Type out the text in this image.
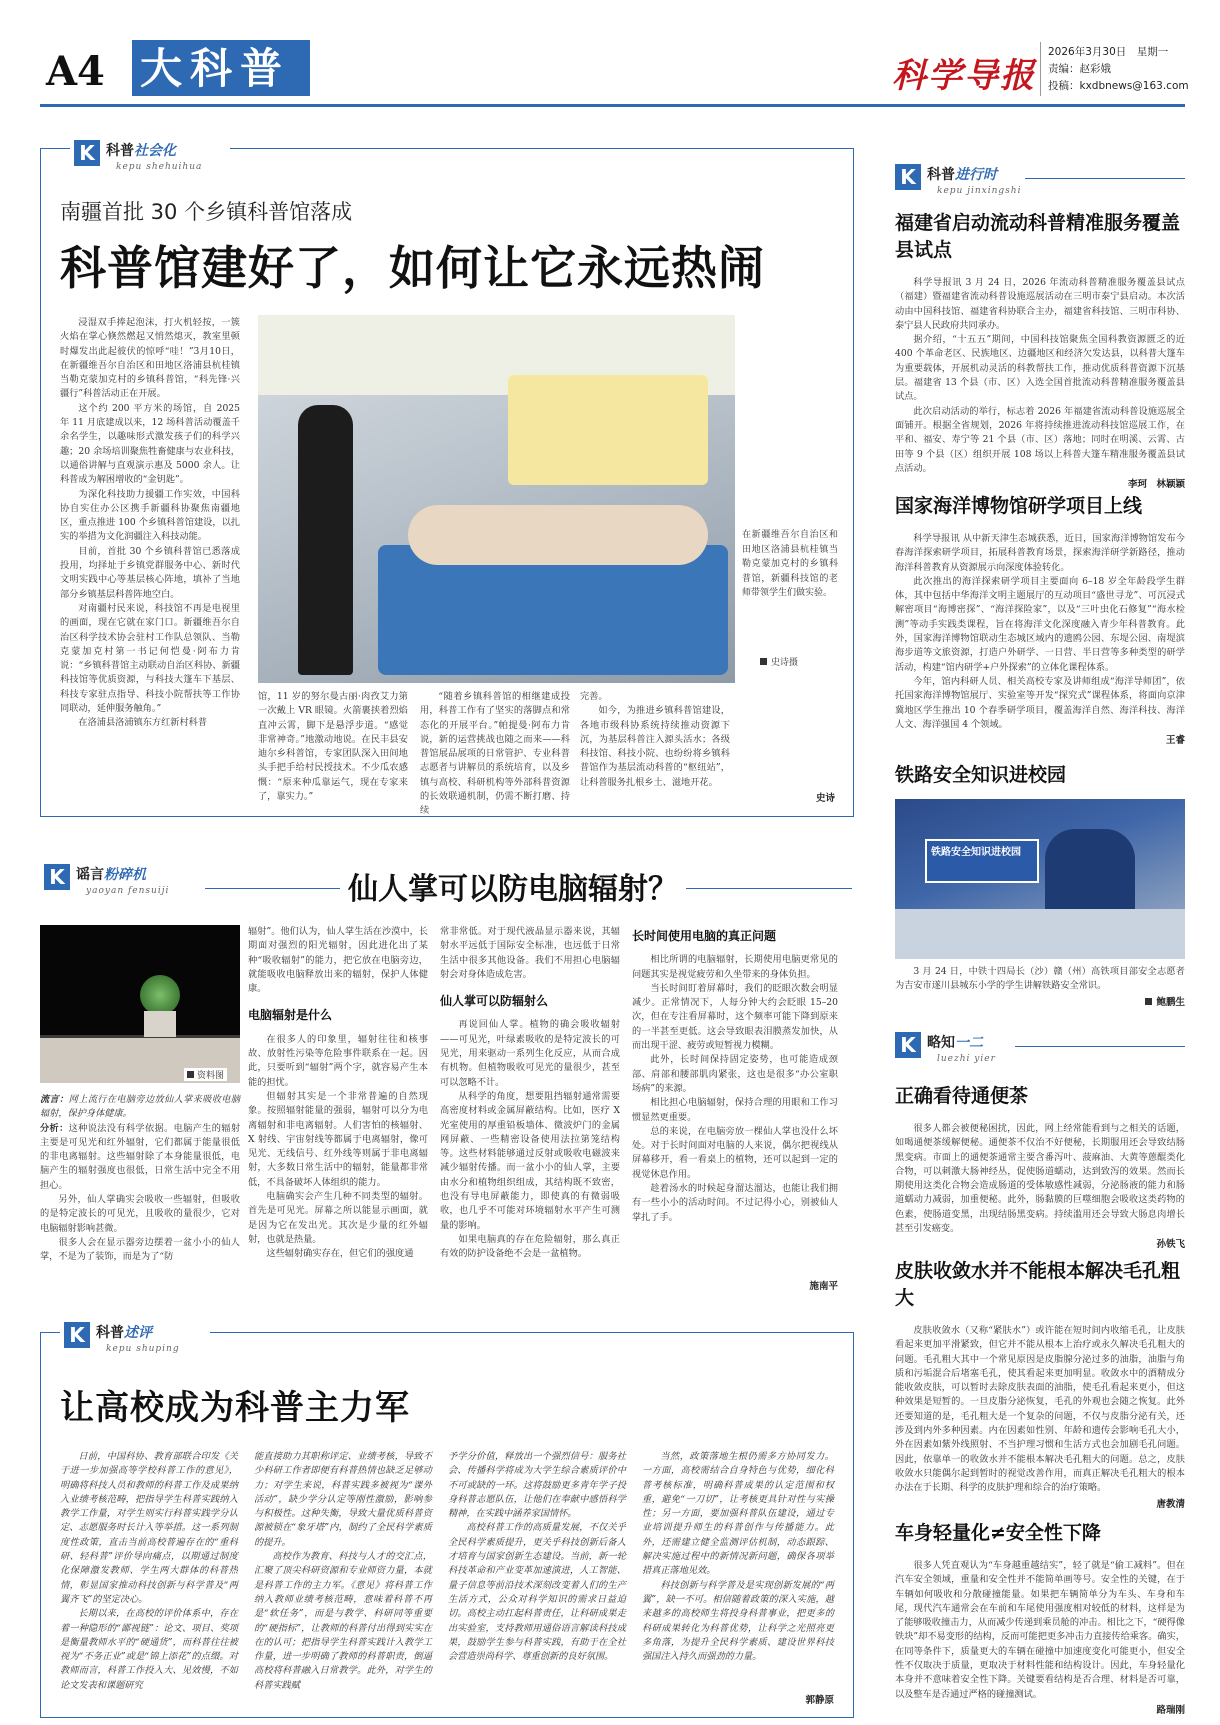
A4 大科普	科学导报
2026年3月30日　星期一
责编：赵彩娥
投稿：kxdbnews@163.com
K 科普社会化
kepu shehuihua
南疆首批 30 个乡镇科普馆落成
科普馆建好了，如何让它永远热闹

浸湿双手捧起泡沫，打火机轻按，一簇火焰在掌心倏然燃起又悄然熄灭，教室里顿时爆发出此起彼伏的惊呼“哇！”3月10日，在新疆维吾尔自治区和田地区洛浦县杭桂镇当勒克蒙加克村的乡镇科普馆，“科先锋·兴疆行”科普活动正在开展。

这个约 200 平方米的场馆，自 2025 年 11 月底建成以来，12 场科普活动覆盖千余名学生，以趣味形式激发孩子们的科学兴趣；20 余场培训聚焦牲畜健康与农业科技，以通俗讲解与直观演示惠及 5000 余人。让科普成为解困增收的“金钥匙”。

为深化科技助力援疆工作实效，中国科协自实住办公区携手新疆科协聚焦南疆地区，重点推进 100 个乡镇科普馆建设，以扎实的举措为文化润疆注入科技动能。

目前，首批 30 个乡镇科普馆已悉落成投用，均择址于乡镇党群服务中心、新时代文明实践中心等基层核心阵地，填补了当地部分乡镇基层科普阵地空白。

对南疆村民来说，科技馆不再是电视里的画面，现在它就在家门口。新疆维吾尔自治区科学技术协会驻村工作队总领队、当勒克蒙加克村第一书记何恺曼·阿布力肯说：“乡镇科普馆主动联动自治区科协、新疆科技馆等优质资源，与科技大篷车下基层、科技专家驻点指导、科技小院帮扶等工作协同联动，延伸服务触角。”

在洛浦县洛浦镇东方红新村科普

在新疆维吾尔自治区和田地区洛浦县杭桂镇当勒克蒙加克村的乡镇科普馆，新疆科技馆的老师带领学生们做实验。
史诗摄

馆，11 岁的努尔曼古丽·肉孜艾力第一次戴上 VR 眼镜。火箭裹挟着烈焰直冲云霄，脚下是悬浮步道。“感觉非常神奇。”地激动地说。在民丰县安迪尔乡科普馆，专家团队深入田间地头手把手给村民授技术。不少瓜农感慨：“原来种瓜靠运气，现在专家来了，靠实力。”

“随着乡镇科普馆的相继建成投用，科普工作有了坚实的落脚点和常态化的开展平台。”帕提曼·阿布力肯说，新的运营挑战也随之而来——科普馆展品展项的日常管护、专业科普志愿者与讲解员的系统培育，以及乡镇与高校、科研机构等外部科普资源的长效联通机制，仍需不断打磨、持续

完善。

如今，为推进乡镇科普馆建设，各地市级科协系统持续推动资源下沉，为基层科普注入源头活水；各级科技馆、科技小院、也纷纷将乡镇科普馆作为基层流动科普的“枢纽站”，让科普服务扎根乡土、滋地开花。

史诗
K 谣言粉碎机
yaoyan fensuiji	仙人掌可以防电脑辐射？
资料图

流言：网上流行在电脑旁边放仙人掌来吸收电脑辐射，保护身体健康。

分析：这种说法没有科学依据。电脑产生的辐射主要是可见光和红外辐射，它们都属于能量很低的非电离辐射。这些辐射除了本身能量很低，电脑产生的辐射强度也很低，日常生活中完全不用担心。

另外，仙人掌确实会吸收一些辐射，但吸收的是特定波长的可见光，且吸收的量很少，它对电脑辐射影响甚微。

很多人会在显示器旁边摆着一盆小小的仙人掌，不是为了装饰，而是为了“防

辐射”。他们认为，仙人掌生活在沙漠中，长期面对强烈的阳光辐射，因此进化出了某种“吸收辐射”的能力，把它放在电脑旁边，就能吸收电脑释放出来的辐射，保护人体健康。

电脑辐射是什么

在很多人的印象里，辐射往往和核事故、放射性污染等危险事件联系在一起。因此，只要听到“辐射”两个字，就容易产生本能的担忧。

但辐射其实是一个非常普遍的自然现象。按照辐射能量的强弱，辐射可以分为电离辐射和非电离辐射。人们害怕的核辐射、X 射线、宇宙射线等都属于电离辐射，像可见光、无线信号、红外线等则属于非电离辐射，大多数日常生活中的辐射，能量都非常低，不具备破坏人体组织的能力。

电脑确实会产生几种不同类型的辐射。首先是可见光。屏幕之所以能显示画面，就是因为它在发出光。其次是少量的红外辐射，也就是热量。

这些辐射确实存在，但它们的强度通

常非常低。对于现代液晶显示器来说，其辐射水平远低于国际安全标准，也远低于日常生活中很多其他设备。我们不用担心电脑辐射会对身体造成危害。

仙人掌可以防辐射么

再说回仙人掌。植物的确会吸收辐射——可见光，叶绿素吸收的是特定波长的可见光，用来驱动一系列生化反应，从而合成有机物。但植物吸收可见光的量很少，甚至可以忽略不计。

从科学的角度，想要阻挡辐射通常需要高密度材料或金属屏蔽结构。比如，医疗 X 光室使用的厚重铅板墙体、微波炉门的金属网屏蔽、一些精密设备使用法拉第笼结构等。这些材料能够通过反射或吸收电磁波来减少辐射传播。而一盆小小的仙人掌，主要由水分和植物组织组成，其结构既不致密，也没有导电屏蔽能力，即使真的有微弱吸收，也几乎不可能对环境辐射水平产生可测量的影响。

如果电脑真的存在危险辐射，那么真正有效的防护设备绝不会是一盆植物。

长时间使用电脑的真正问题

相比所谓的电脑辐射，长期使用电脑更常见的问题其实是视觉疲劳和久坐带来的身体负担。

当长时间盯着屏幕时，我们的眨眼次数会明显减少。正常情况下，人每分钟大约会眨眼 15–20 次，但在专注看屏幕时，这个频率可能下降到原来的一半甚至更低。这会导致眼表泪膜蒸发加快，从而出现干涩、疲劳或短暂视力模糊。

此外，长时间保持固定姿势，也可能造成颈部、肩部和腰部肌肉紧张，这也是很多“办公室职场病”的来源。

相比担心电脑辐射，保持合理的用眼和工作习惯显然更重要。

总的来说，在电脑旁放一棵仙人掌也没什么坏处。对于长时间面对电脑的人来说，偶尔把视线从屏幕移开，看一看桌上的植物，还可以起到一定的视觉休息作用。

趁着汤水的时候起身溜达溜达，也能让我们拥有一些小小的活动时间。不过记得小心，别被仙人掌扎了手。

施南平
K 科普述评
kepu shuping
让高校成为科普主力军

日前，中国科协、教育部联合印发《关于进一步加强高等学校科普工作的意见》，明确将科技人员和教师的科普工作及成果纳入业绩考核范畴，把指导学生科普实践纳入教学工作量，对学生则实行科普实践学分认定、志愿服务时长计入等举措。这一系列制度性政策，直击当前高校普遍存在的“重科研、轻科普”评价导向痛点，以期通过制度化保障激发教师、学生两大群体的科普热情，彰显国家推动科技创新与科学普及“两翼齐飞”的坚定决心。

长期以来，在高校的评价体系中，存在着一种隐形的“鄙视链”：论文、项目、奖项是衡量教师水平的“硬通货”，而科普往往被视为“不务正业”或是“锦上添花”的点缀。对教师而言，科普工作投入大、见效慢，不如论文发表和课题研究

能直接助力其职称评定、业绩考核，导致不少科研工作者即便有科普热情也缺乏足够动力；对学生来说，科普实践多被视为“课外活动”，缺少学分认定等刚性激励，影响参与积极性。这种失衡，导致大量优质科普资源被锁在“象牙塔”内，制约了全民科学素质的提升。

高校作为教育、科技与人才的交汇点，汇聚了顶尖科研资源和专业师资力量，本就是科普工作的主力军。《意见》将科普工作纳入教师业绩考核范畴，意味着科普不再是“软任务”，而是与教学、科研同等重要的“硬指标”，让教师的科普付出得到实实在在的认可；把指导学生科普实践计入教学工作量，进一步明确了教师的科普职责，倒逼高校将科普融入日常教学。此外，对学生的科普实践赋

予学分价值，释放出一个强烈信号：服务社会、传播科学将成为大学生综合素质评价中不可或缺的一环。这将鼓励更多青年学子投身科普志愿队伍，让他们在奉献中感悟科学精神，在实践中涵养家国情怀。

高校科普工作的高质量发展，不仅关乎全民科学素质提升，更关乎科技创新后备人才培育与国家创新生态建设。当前，新一轮科技革命和产业变革加速演进，人工智能、量子信息等前沿技术深刻改变着人们的生产生活方式，公众对科学知识的需求日益迫切。高校主动扛起科普责任，让科研成果走出实验室，支持教师用通俗语言解读科技成果，鼓励学生参与科普实践，有助于在全社会营造崇尚科学、尊重创新的良好氛围。

当然，政策落地生根仍需多方协同发力。一方面，高校需结合自身特色与优势，细化科普考核标准，明确科普成果的认定范围和权重，避免“一刀切”，让考核更具针对性与实操性；另一方面，要加强科普队伍建设，通过专业培训提升师生的科普创作与传播能力。此外，还需建立健全监测评估机制，动态跟踪、解决实施过程中的新情况新问题，确保各项举措真正落地见效。

科技创新与科学普及是实现创新发展的“两翼”，缺一不可。相信随着政策的深入实施，越来越多的高校师生将投身科普事业，把更多的科研成果转化为科普优势，让科学之光照亮更多角落，为提升全民科学素质、建设世界科技强国注入持久而强劲的力量。

郭静原
K 科普进行时
kepu jinxingshi
福建省启动流动科普精准服务覆盖县试点

科学导报讯 3 月 24 日，2026 年流动科普精准服务覆盖县试点（福建）暨福建省流动科普设施巡展活动在三明市泰宁县启动。本次活动由中国科技馆、福建省科协联合主办，福建省科技馆、三明市科协、泰宁县人民政府共同承办。

据介绍，“十五五”期间，中国科技馆聚焦全国科教资源匮乏的近 400 个革命老区、民族地区、边疆地区和经济欠发达县，以科普大篷车为重要载体，开展机动灵活的科教帮扶工作，推动优质科普资源下沉基层。福建省 13 个县（市、区）入选全国首批流动科普精准服务覆盖县试点。

此次启动活动的举行，标志着 2026 年福建省流动科普设施巡展全面铺开。根据全省规划，2026 年将持续推进流动科技馆巡展工作，在平和、福安、寿宁等 21 个县（市、区）落地；同时在明溪、云霄、古田等 9 个县（区）组织开展 108 场以上科普大篷车精准服务覆盖县试点活动。

李珂　林颖颖
国家海洋博物馆研学项目上线

科学导报讯 从中新天津生态城获悉，近日，国家海洋博物馆发布今春海洋探索研学项目，拓展科普教育场景，探索海洋研学新路径，推动海洋科普教育从资源展示向深度体验转化。

此次推出的海洋探索研学项目主要面向 6–18 岁全年龄段学生群体，其中包括中华海洋文明主题展厅的互动项目“盛世寻龙”、可沉浸式解密项目“海博密探”、“海洋探险家”，以及“三叶虫化石修复”“海水检测”等动手实践类课程，旨在将海洋文化深度融入青少年科普教育。此外，国家海洋博物馆联动生态城区域内的遗鸥公园、东堤公园、南堤滨海步道等文旅资源，打造户外研学、一日营、半日营等多种类型的研学活动，构建“馆内研学+户外探索”的立体化课程体系。

今年，馆内科研人员、相关高校专家及讲师组成“海洋导师团”，依托国家海洋博物馆展厅、实验室等开发“探究式”课程体系，将面向京津冀地区学生推出 10 个春季研学项目，覆盖海洋自然、海洋科技、海洋人文、海洋强国 4 个领域。

王睿
铁路安全知识进校园
铁路安全知识进校园

3 月 24 日，中铁十四局长（沙）赣（州）高铁项目部安全志愿者为吉安市遂川县城东小学的学生讲解铁路安全常识。

鲍鹏生
K 略知一二
luezhi yier
正确看待通便茶

很多人都会被便秘困扰，因此，网上经常能看到与之相关的话题，如喝通便茶缓解便秘。通便茶不仅治不好便秘，长期服用还会导致结肠黑变病。市面上的通便茶通常主要含番泻叶、菠麻油、大黄等蒽醌类化合物，可以刺激大肠神经丛，促使肠道蠕动，达到致泻的效果。然而长期使用这类化合物会造成肠道的受体敏感性减弱，分泌肠液的能力和肠道蠕动力减弱，加重便秘。此外，肠黏膜的巨噬细胞会吸收这类药物的色素，使肠道变黑，出现结肠黑变病。持续滥用还会导致大肠息肉增长甚至引发癌变。

孙铁飞
皮肤收敛水并不能根本解决毛孔粗大

皮肤收敛水（又称“紧肤水”）或许能在短时间内收缩毛孔，让皮肤看起来更加平滑紧致，但它并不能从根本上治疗或永久解决毛孔粗大的问题。毛孔粗大其中一个常见原因是皮脂腺分泌过多的油脂，油脂与角质和污垢混合后堵塞毛孔，使其看起来更加明显。收敛水中的酒精成分能收敛皮肤，可以暂时去除皮肤表面的油脂，使毛孔看起来更小，但这种效果是短暂的。一旦皮脂分泌恢复，毛孔的外观也会随之恢复。此外还要知道的是，毛孔粗大是一个复杂的问题，不仅与皮脂分泌有关，还涉及到内外多种因素。内在因素如性别、年龄和遗传会影响毛孔大小，外在因素如紫外线照射、不当护理习惯和生活方式也会加剧毛孔问题。因此，依靠单一的收敛水并不能根本解决毛孔粗大的问题。总之，皮肤收敛水只能偶尔起到暂时的视觉改善作用，而真正解决毛孔粗大的根本办法在于长期、科学的皮肤护理和综合的治疗策略。

唐教清
车身轻量化≠安全性下降

很多人凭直观认为“车身越重越结实”，轻了就是“偷工减料”。但在汽车安全领域，重量和安全性并不能简单画等号。安全性的关键，在于车辆如何吸收和分散碰撞能量。如果把车辆简单分为车头、车身和车尾，现代汽车通常会在车前和车尾使用强度相对较低的材料，这样是为了能够吸收撞击力，从而减少传递到乘员舱的冲击。相比之下，“硬得像铁块”却不易变形的结构，反而可能把更多冲击力直接传给乘客。确实，在同等条件下，质量更大的车辆在碰撞中加速度变化可能更小，但安全性不仅取决于质量，更取决于材料性能和结构设计。因此，车身轻量化本身并不意味着安全性下降。关键要看结构是否合理、材料是否可靠，以及整车是否通过严格的碰撞测试。

路瑞刚
